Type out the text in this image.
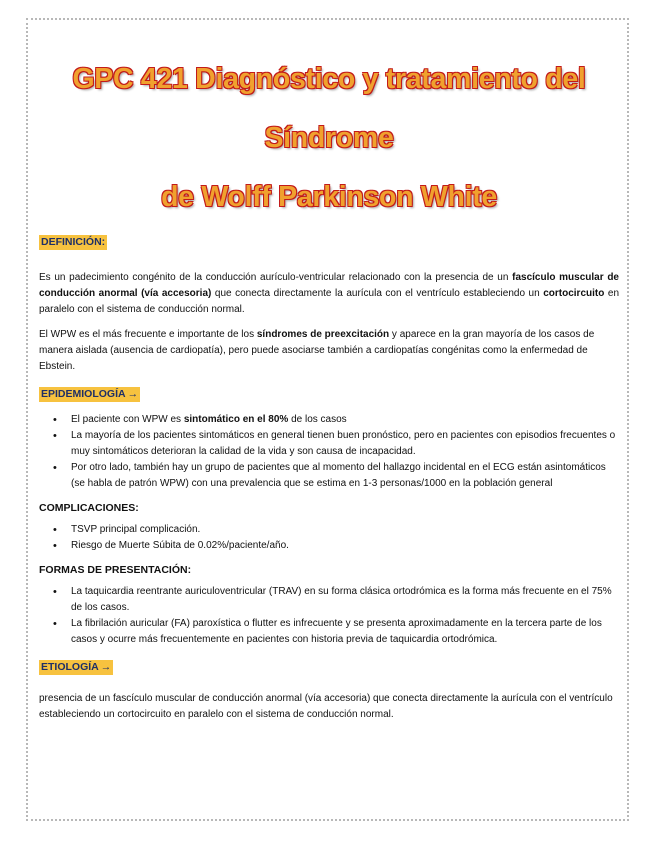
GPC 421 Diagnóstico y tratamiento del Síndrome
de Wolff Parkinson White
DEFINICIÓN:

Es un padecimiento congénito de la conducción aurículo-ventricular relacionado con la presencia de un fascículo muscular de conducción anormal (vía accesoria) que conecta directamente la aurícula con el ventrículo estableciendo un cortocircuito en paralelo con el sistema de conducción normal.

El WPW es el más frecuente e importante de los síndromes de preexcitación y aparece en la gran mayoría de los casos de manera aislada (ausencia de cardiopatía), pero puede asociarse también a cardiopatías congénitas como la enfermedad de Ebstein.

EPIDEMIOLOGÍA →
• El paciente con WPW es sintomático en el 80% de los casos
• La mayoría de los pacientes sintomáticos en general tienen buen pronóstico, pero en pacientes con episodios frecuentes o muy sintomáticos deterioran la calidad de la vida y son causa de incapacidad.
• Por otro lado, también hay un grupo de pacientes que al momento del hallazgo incidental en el ECG están asintomáticos (se habla de patrón WPW) con una prevalencia que se estima en 1-3 personas/1000 en la población general
COMPLICACIONES:
• TSVP principal complicación.
• Riesgo de Muerte Súbita de 0.02%/paciente/año.
FORMAS DE PRESENTACIÓN:
• La taquicardia reentrante auriculoventricular (TRAV) en su forma clásica ortodrómica es la forma más frecuente en el 75% de los casos.
• La fibrilación auricular (FA) paroxística o flutter es infrecuente y se presenta aproximadamente en la tercera parte de los casos y ocurre más frecuentemente en pacientes con historia previa de taquicardia ortodrómica.
ETIOLOGÍA →

presencia de un fascículo muscular de conducción anormal (vía accesoria) que conecta directamente la aurícula con el ventrículo estableciendo un cortocircuito en paralelo con el sistema de conducción normal.
